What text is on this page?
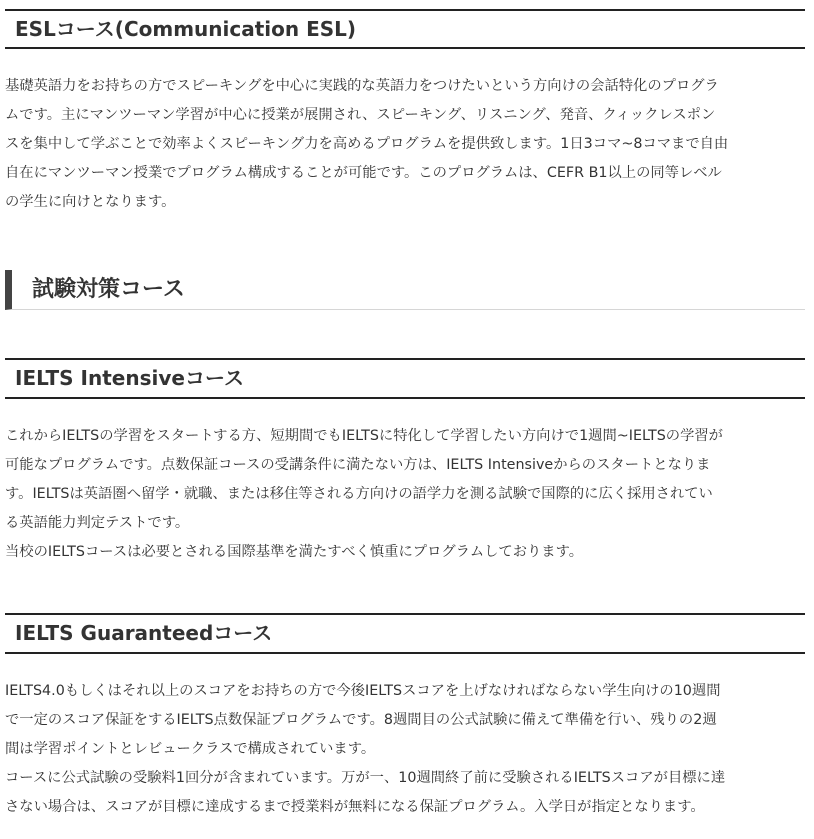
ESLコース(Communication ESL)
基礎英語力をお持ちの方でスピーキングを中心に実践的な英語力をつけたいという方向けの会話特化のプログラ
ムです。主にマンツーマン学習が中心に授業が展開され、スピーキング、リスニング、発音、クィックレスポン
スを集中して学ぶことで効率よくスピーキング力を高めるプログラムを提供致します。1日3コマ~8コマまで自由
自在にマンツーマン授業でプログラム構成することが可能です。このプログラムは、CEFR B1以上の同等レベル
の学生に向けとなります。
試験対策コース
IELTS Intensiveコース
これからIELTSの学習をスタートする方、短期間でもIELTSに特化して学習したい方向けで1週間~IELTSの学習が
可能なプログラムです。点数保証コースの受講条件に満たない方は、IELTS Intensiveからのスタートとなりま
す。IELTSは英語圏へ留学・就職、または移住等される方向けの語学力を測る試験で国際的に広く採用されてい
る英語能力判定テストです。
当校のIELTSコースは必要とされる国際基準を満たすべく慎重にプログラムしております。
IELTS Guaranteedコース
IELTS4.0もしくはそれ以上のスコアをお持ちの方で今後IELTSスコアを上げなければならない学生向けの10週間
で一定のスコア保証をするIELTS点数保証プログラムです。8週間目の公式試験に備えて準備を行い、残りの2週
間は学習ポイントとレビュークラスで構成されています。
コースに公式試験の受験料1回分が含まれています。万が一、10週間終了前に受験されるIELTSスコアが目標に達
さない場合は、スコアが目標に達成するまで授業料が無料になる保証プログラム。入学日が指定となります。
